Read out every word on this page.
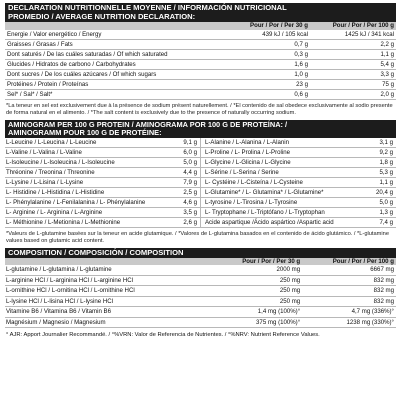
DECLARATION NUTRITIONNELLE MOYENNE / INFORMACIÓN NUTRICIONAL
PROMEDIO / AVERAGE NUTRITION DECLARATION:
	Pour / Por / Per 30 g	Pour / Por / Per 100 g
Energie / Valor energético / Energy	439 kJ / 105 kcal	1425 kJ / 341 kcal
Graisses / Grasas / Fats	0,7 g	2,2 g
Dont saturés / De las cuáles saturadas / Of which saturated	0,3 g	1,1 g
Glucides / Hidratos de carbono / Carbohydrates	1,6 g	5,4 g
Dont sucres / De los cuáles azúcares / Of which sugars	1,0 g	3,3 g
Protéines / Protein / Proteínas	23 g	75 g
Sel* / Sal* / Salt*	0,6 g	2,0 g
*La teneur en sel est exclusivement due à la présence de sodium présent naturellement. / *El contenido de sal obedece exclusivamente al sodio presente de forma natural en el alimento. / *The salt content is exclusively due to the presence of naturally occurring sodium.
AMINOGRAM PER 100 G PROTEIN / AMINOGRAMA POR 100 G DE PROTEÍNA: /
AMINOGRAMM POUR 100 G DE PROTÉINE:
L-Leucine / L-Leucina / L-Leucine	9,1 g	L-Alanine / L-Alanina / L-Alanin	3,1 g
L-Valine / L-Valina / L-Valine	6,0 g	L-Proline / L- Prolina / L-Proline	9,2 g
L-Isoleucine / L-Isoleucina / L-Isoleucine	5,0 g	L-Glycine / L-Glicina / L-Glycine	1,8 g
Thréonine / Treonina / Threonine	4,4 g	L-Sérine / L-Serina / Serine	5,3 g
L-Lysine / L-Lisina / L-Lysine	7,9 g	L- Cystéine / L-Cisteína / L-Cysteine	1,1 g
L- Histidine / L-Histidina / L-Histidine	2,5 g	L-Glutamine* / L- Glutamina* / L-Glutamine*	20,4 g
L- Phénylalanine / L-Fenilalanina / L- Phénylalanine	4,6 g	L-tyrosine / L-Tirosina / L-Tyrosine	5,0 g
L- Arginine / L- Arginina / L-Arginine	3,5 g	L- Tryptophane / L-Triptófano / L-Tryptophan	1,3 g
L- Méthionine / L-Metionina / L-Methionine	2,6 g	Acide aspartique /Ácido aspártico /Aspartic acid	7,4 g
*Valeurs de L-glutamine basées sur la teneur en acide glutamique. / *Valores de L-glutamina basados en el contenido de ácido glutámico. / *L-glutamine values based on glutamic acid content.
COMPOSITION / COMPOSICIÓN / COMPOSITION
	Pour / Por / Per 30 g	Pour / Por / Per 100 g
L-glutamine / L-glutamina / L-glutamine	2000 mg	6667 mg
L-arginine HCl / L-arginina HCl / L-arginine HCl	250 mg	832 mg
L-ornithine HCl / L-ornitina HCl / L-ornithine HCl	250 mg	832 mg
L-lysine HCl / L-lisina HCl / L-lysine HCl	250 mg	832 mg
Vitamine B6 / Vitamina B6 / Vitamin B6	1,4 mg (100%)°	4,7 mg (336%)°
Magnésium / Magnesio / Magnesium	375 mg (100%)°	1238 mg (330%)°
° AJR: Apport Journalier Recommandé. / °%VRN: Valor de Referencia de Nutrientes. / °%NRV: Nutrient Reference Values.
